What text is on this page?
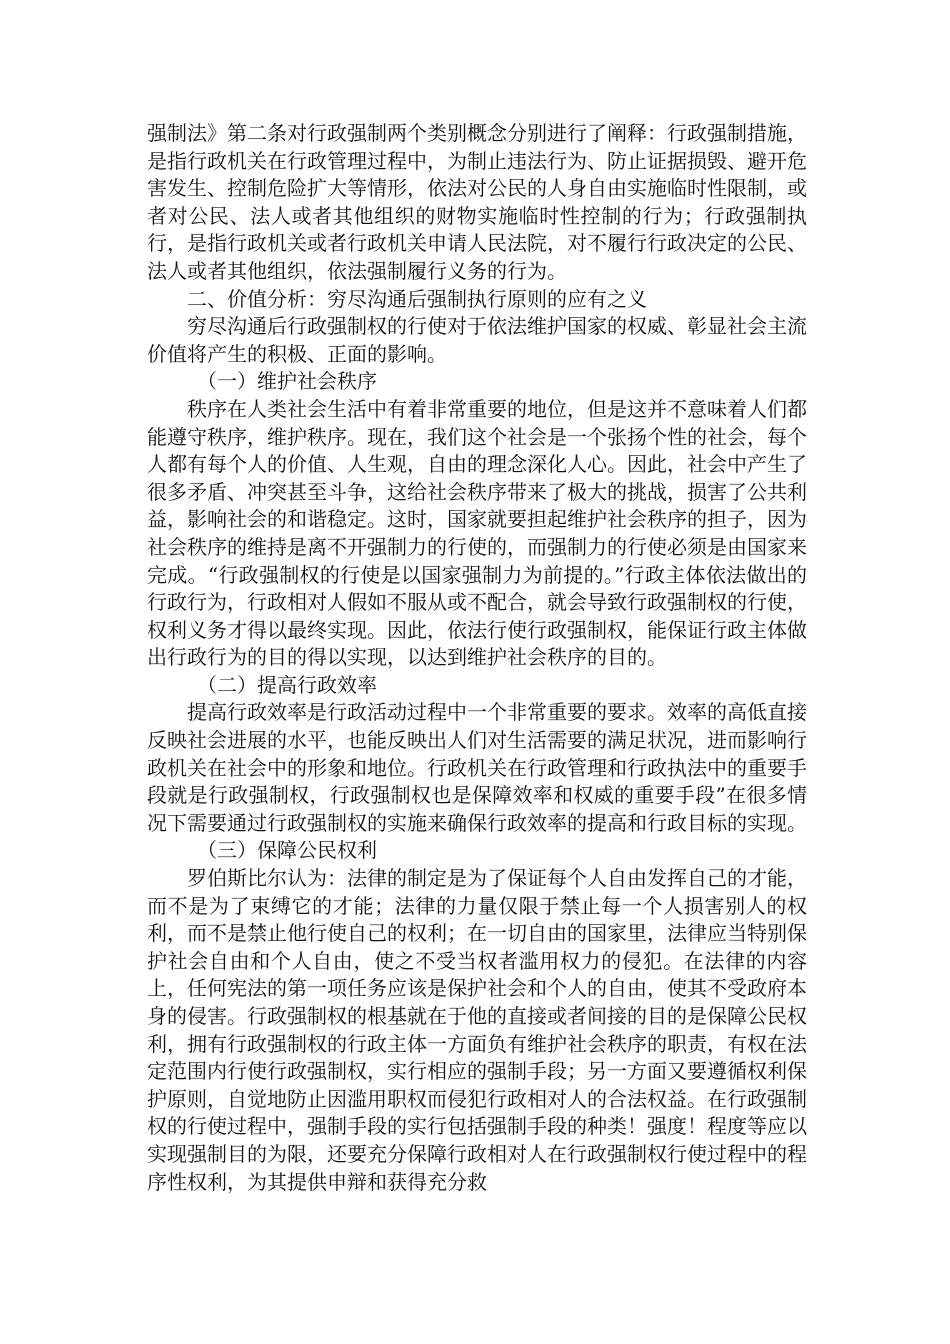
强制法》第二条对行政强制两个类别概念分别进行了阐释：行政强制措施，是指行政机关在行政管理过程中，为制止违法行为、防止证据损毁、避开危害发生、控制危险扩大等情形，依法对公民的人身自由实施临时性限制，或者对公民、法人或者其他组织的财物实施临时性控制的行为；行政强制执行，是指行政机关或者行政机关申请人民法院，对不履行行政决定的公民、法人或者其他组织，依法强制履行义务的行为。

二、价值分析：穷尽沟通后强制执行原则的应有之义

穷尽沟通后行政强制权的行使对于依法维护国家的权威、彰显社会主流价值将产生的积极、正面的影响。

（一）维护社会秩序

秩序在人类社会生活中有着非常重要的地位，但是这并不意味着人们都能遵守秩序，维护秩序。现在，我们这个社会是一个张扬个性的社会，每个人都有每个人的价值、人生观，自由的理念深化人心。因此，社会中产生了很多矛盾、冲突甚至斗争，这给社会秩序带来了极大的挑战，损害了公共利益，影响社会的和谐稳定。这时，国家就要担起维护社会秩序的担子，因为社会秩序的维持是离不开强制力的行使的，而强制力的行使必须是由国家来完成。“行政强制权的行使是以国家强制力为前提的。”行政主体依法做出的行政行为，行政相对人假如不服从或不配合，就会导致行政强制权的行使，权利义务才得以最终实现。因此，依法行使行政强制权，能保证行政主体做出行政行为的目的得以实现，以达到维护社会秩序的目的。

（二）提高行政效率

提高行政效率是行政活动过程中一个非常重要的要求。效率的高低直接反映社会进展的水平，也能反映出人们对生活需要的满足状况，进而影响行政机关在社会中的形象和地位。行政机关在行政管理和行政执法中的重要手段就是行政强制权，行政强制权也是保障效率和权威的重要手段”在很多情况下需要通过行政强制权的实施来确保行政效率的提高和行政目标的实现。

（三）保障公民权利

罗伯斯比尔认为：法律的制定是为了保证每个人自由发挥自己的才能，而不是为了束缚它的才能；法律的力量仅限于禁止每一个人损害别人的权利，而不是禁止他行使自己的权利；在一切自由的国家里，法律应当特别保护社会自由和个人自由，使之不受当权者滥用权力的侵犯。在法律的内容上，任何宪法的第一项任务应该是保护社会和个人的自由，使其不受政府本身的侵害。行政强制权的根基就在于他的直接或者间接的目的是保障公民权利，拥有行政强制权的行政主体一方面负有维护社会秩序的职责，有权在法定范围内行使行政强制权，实行相应的强制手段；另一方面又要遵循权利保护原则，自觉地防止因滥用职权而侵犯行政相对人的合法权益。在行政强制权的行使过程中，强制手段的实行包括强制手段的种类！强度！程度等应以实现强制目的为限，还要充分保障行政相对人在行政强制权行使过程中的程序性权利，为其提供申辩和获得充分救
